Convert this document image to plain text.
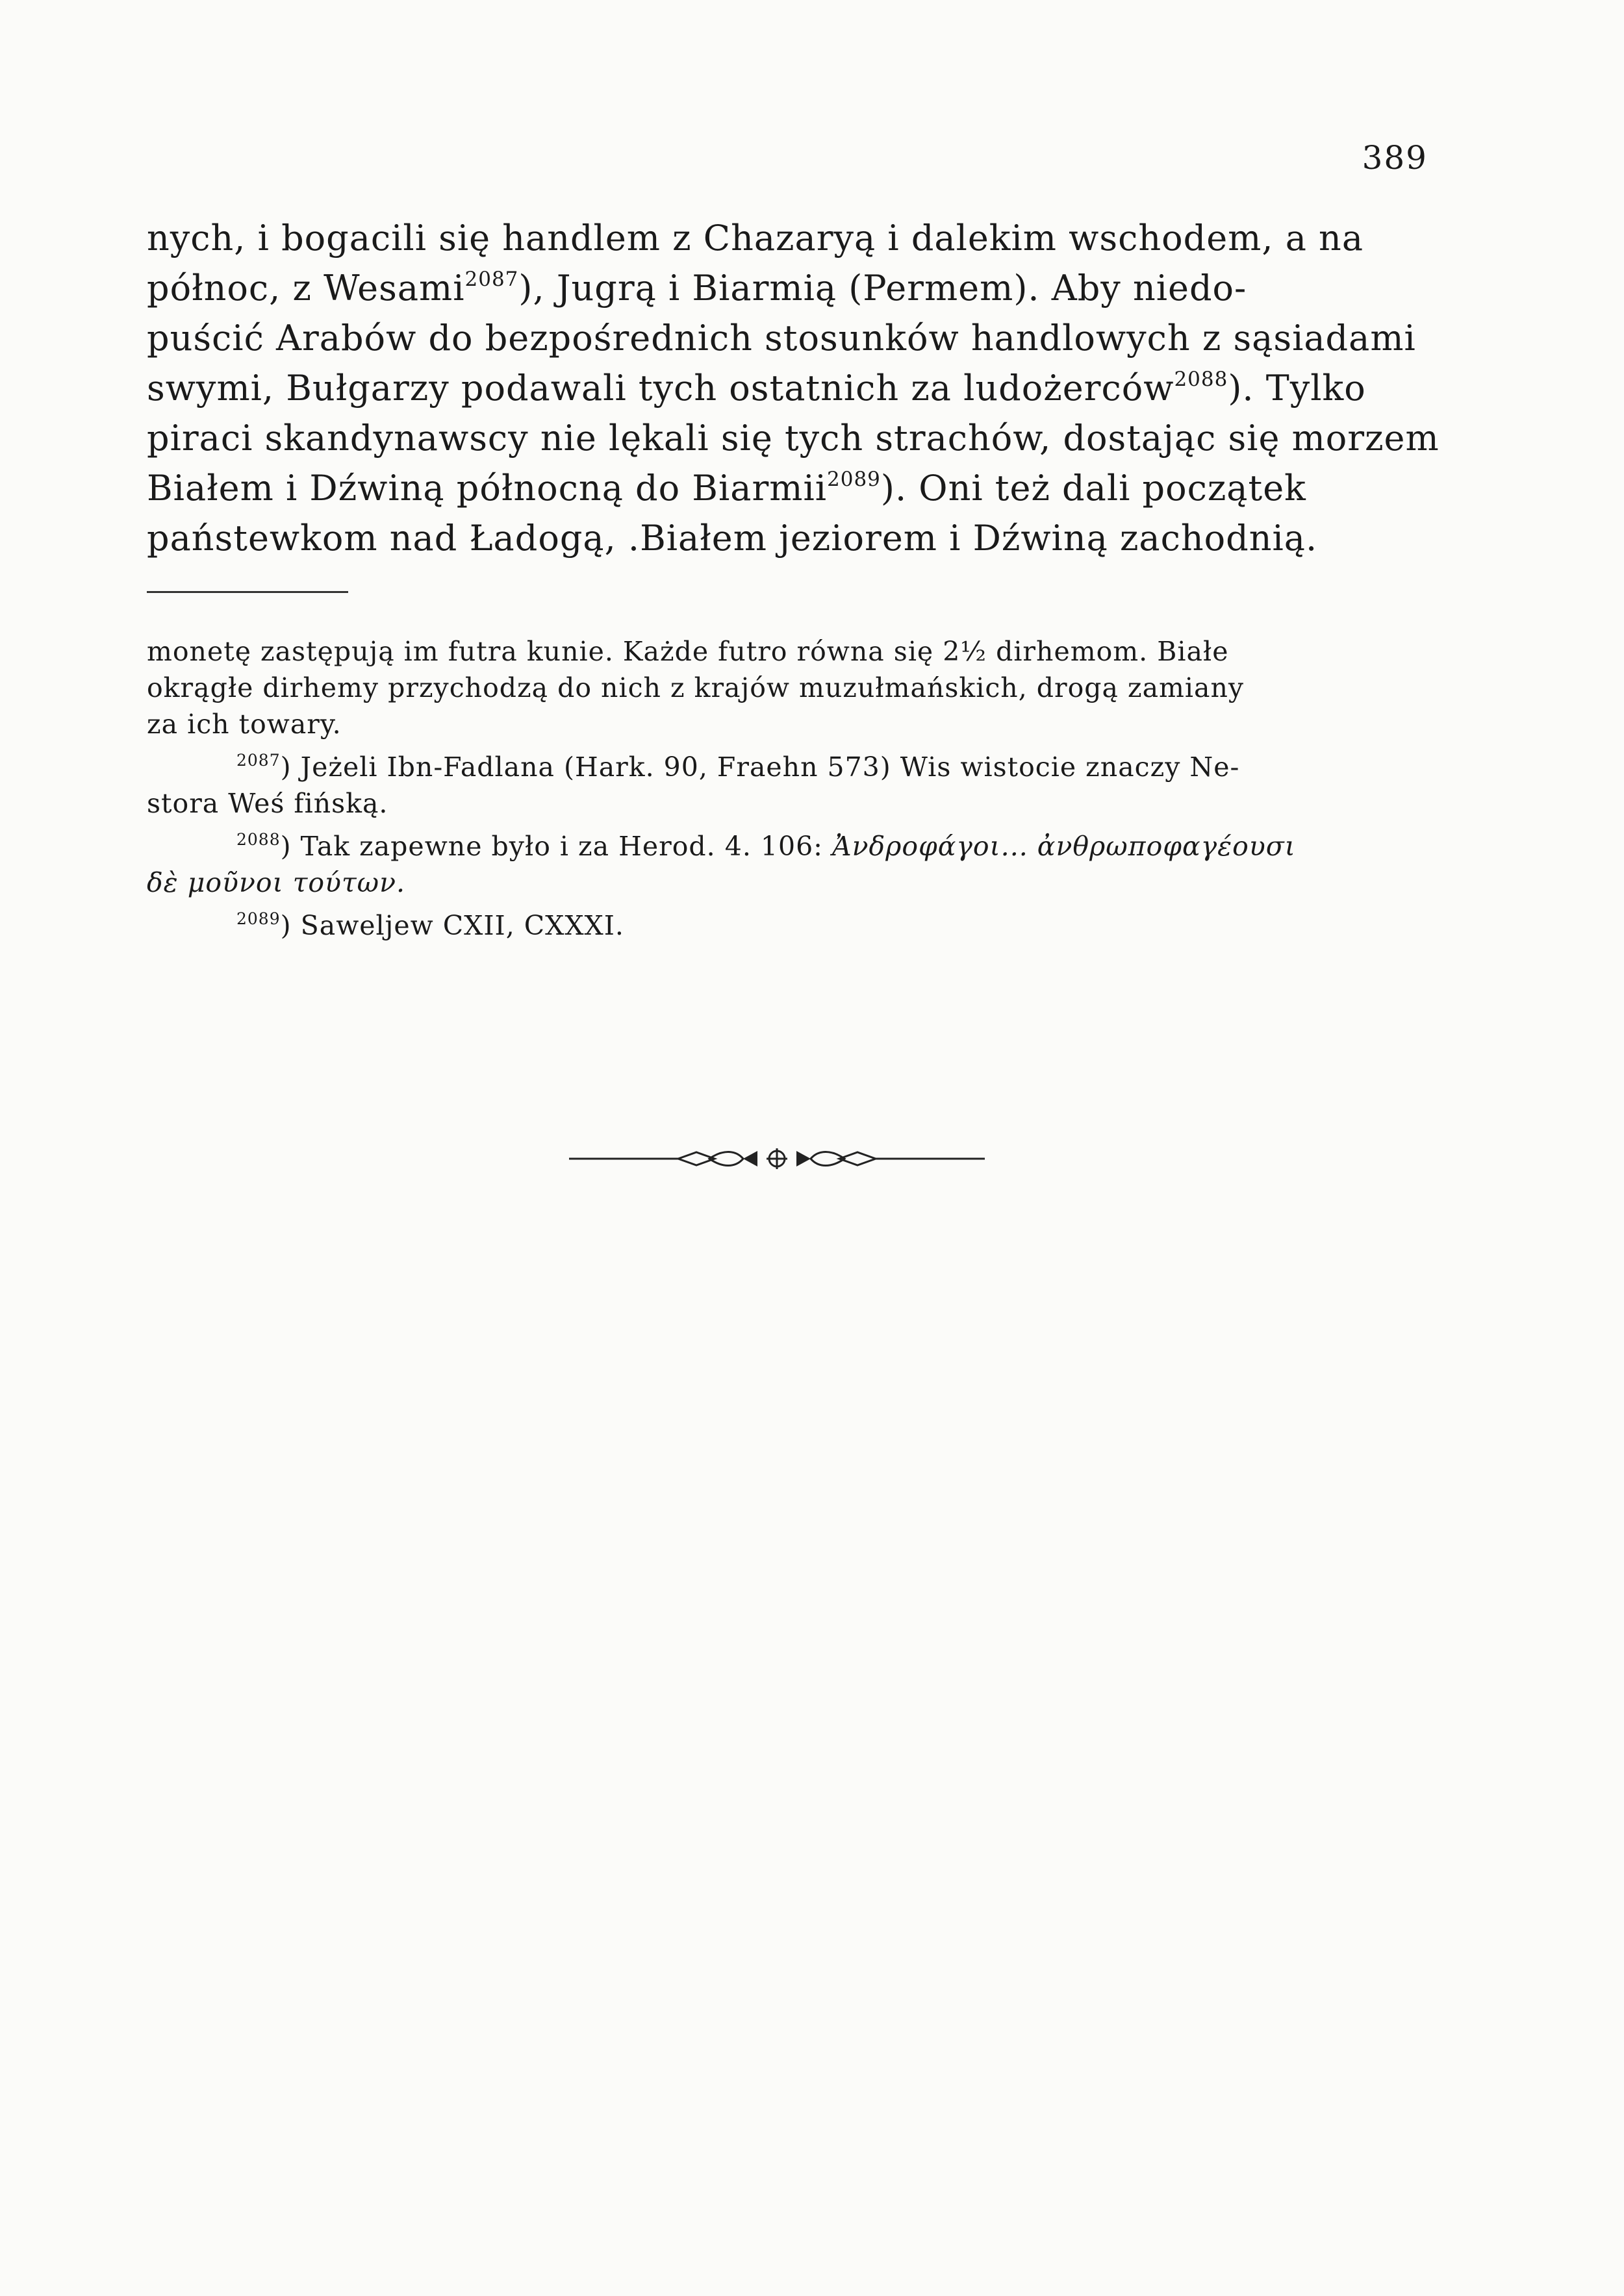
389
nych, i bogacili się handlem z Chazaryą i dalekim wschodem, a na
północ, z Wesami$^{2087}$), Jugrą i Biarmią (Permem). Aby niedo-
puścić Arabów do bezpośrednich stosunków handlowych z sąsiadami
swymi, Bułgarzy podawali tych ostatnich za ludożerców$^{2088}$). Tylko
piraci skandynawscy nie lękali się tych strachów, dostając się morzem
Białem i Dźwiną północną do Biarmii$^{2089}$). Oni też dali początek
państewkom nad Ładogą, .Białem jeziorem i Dźwiną zachodnią.
monetę zastępują im futra kunie. Każde futro równa się 2½ dirhemom. Białe
okrągłe dirhemy przychodzą do nich z krajów muzułmańskich, drogą zamiany
za ich towary.
$^{2087}$) Jeżeli Ibn-Fadlana (Hark. 90, Fraehn 573) Wis wistocie znaczy Ne-
stora Weś fińską.
$^{2088}$) Tak zapewne było i za Herod. 4. 106: Ἀνδροφάγοι... ἀνθρωποφαγέουσι
δὲ μοῦνοι τούτων.
$^{2089}$) Saweljew CXII, CXXXI.
